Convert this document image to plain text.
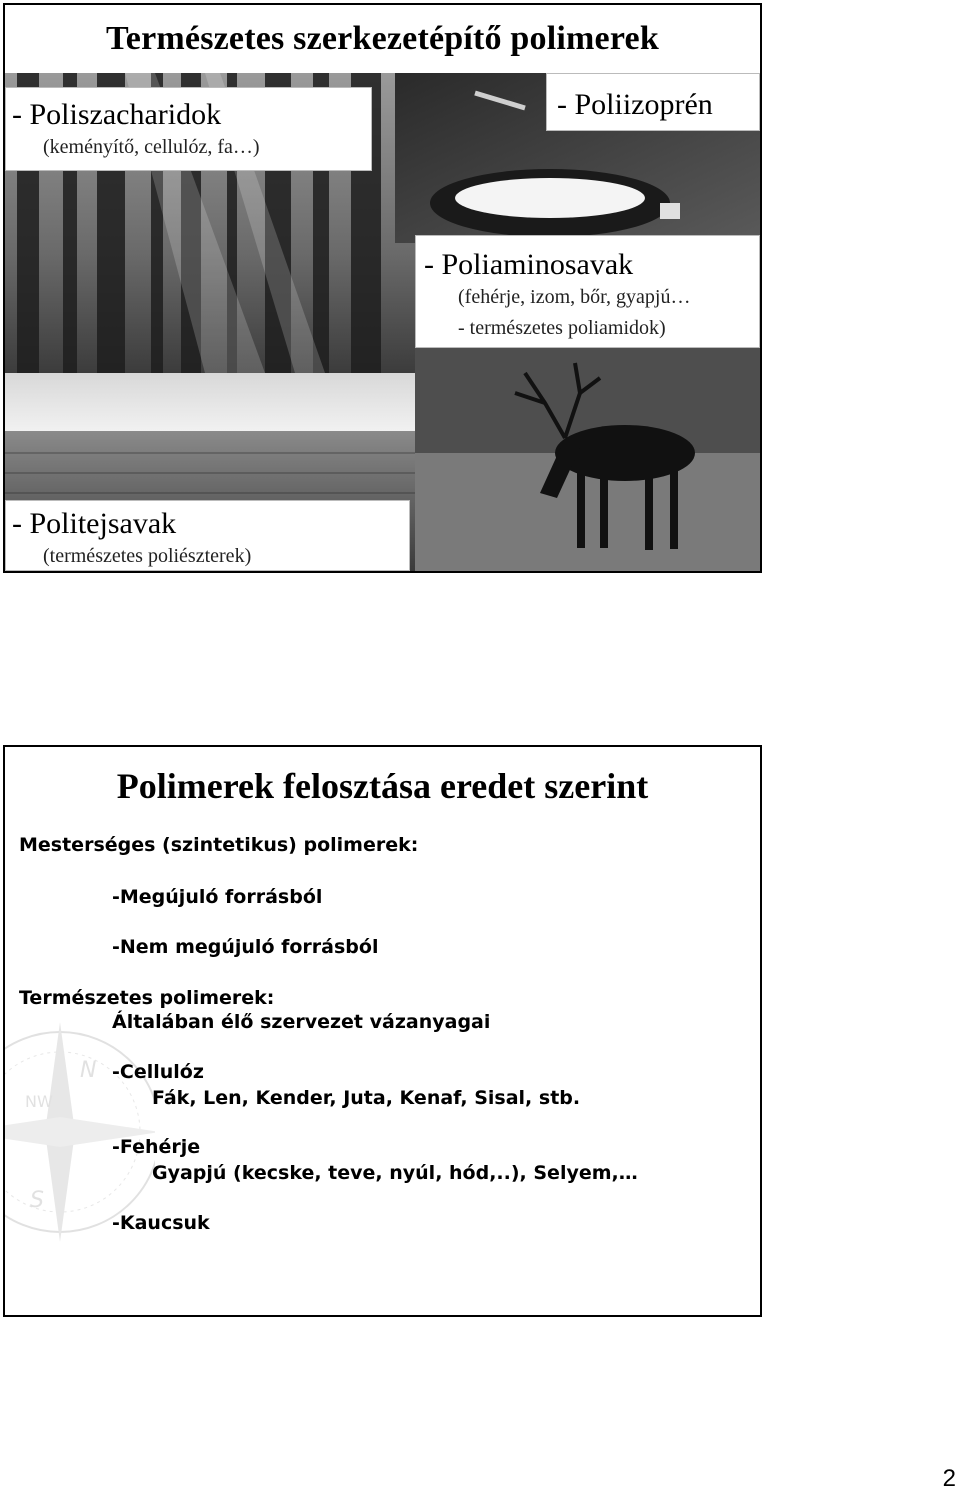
Természetes szerkezetépítő polimerek
- Poliszacharidok
(keményítő, cellulóz, fa…)
- Poliizoprén
- Poliaminosavak
(fehérje, izom, bőr, gyapjú…
- természetes poliamidok)
- Politejsavak
(természetes poliészterek)
NW
N
S
Polimerek felosztása eredet szerint
Mesterséges (szintetikus) polimerek:
-Megújuló forrásból
-Nem megújuló forrásból
Természetes polimerek:
Általában élő szervezet vázanyagai
-Cellulóz
Fák, Len, Kender, Juta, Kenaf, Sisal, stb.
-Fehérje
Gyapjú (kecske, teve, nyúl, hód,..), Selyem,…
-Kaucsuk
2
